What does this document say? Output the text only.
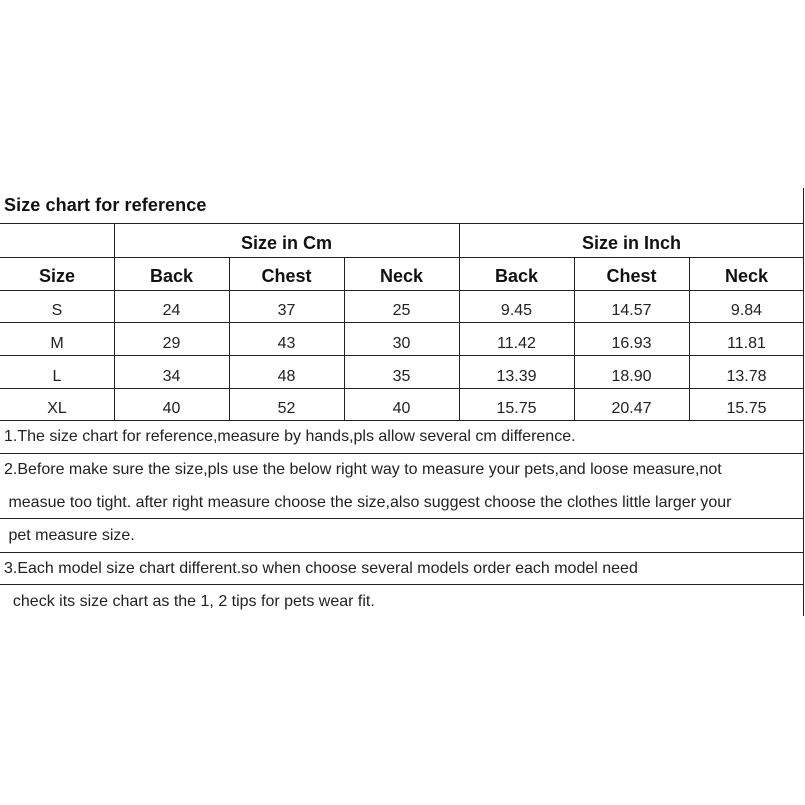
Size chart for reference
Size in Cm	Size in Inch
Size	Back	Chest	Neck	Back	Chest	Neck
S	24	37	25	9.45	14.57	9.84
M	29	43	30	11.42	16.93	11.81
L	34	48	35	13.39	18.90	13.78
XL	40	52	40	15.75	20.47	15.75
1.The size chart for reference,measure by hands,pls allow several cm difference.
2.Before make sure the size,pls use the below right way to measure your pets,and loose measure,not
measue too tight. after right measure choose the size,also suggest choose the clothes little larger your
pet measure size.
3.Each model size chart different.so when choose several models order each model need
check its size chart as the 1, 2 tips for pets wear fit.
